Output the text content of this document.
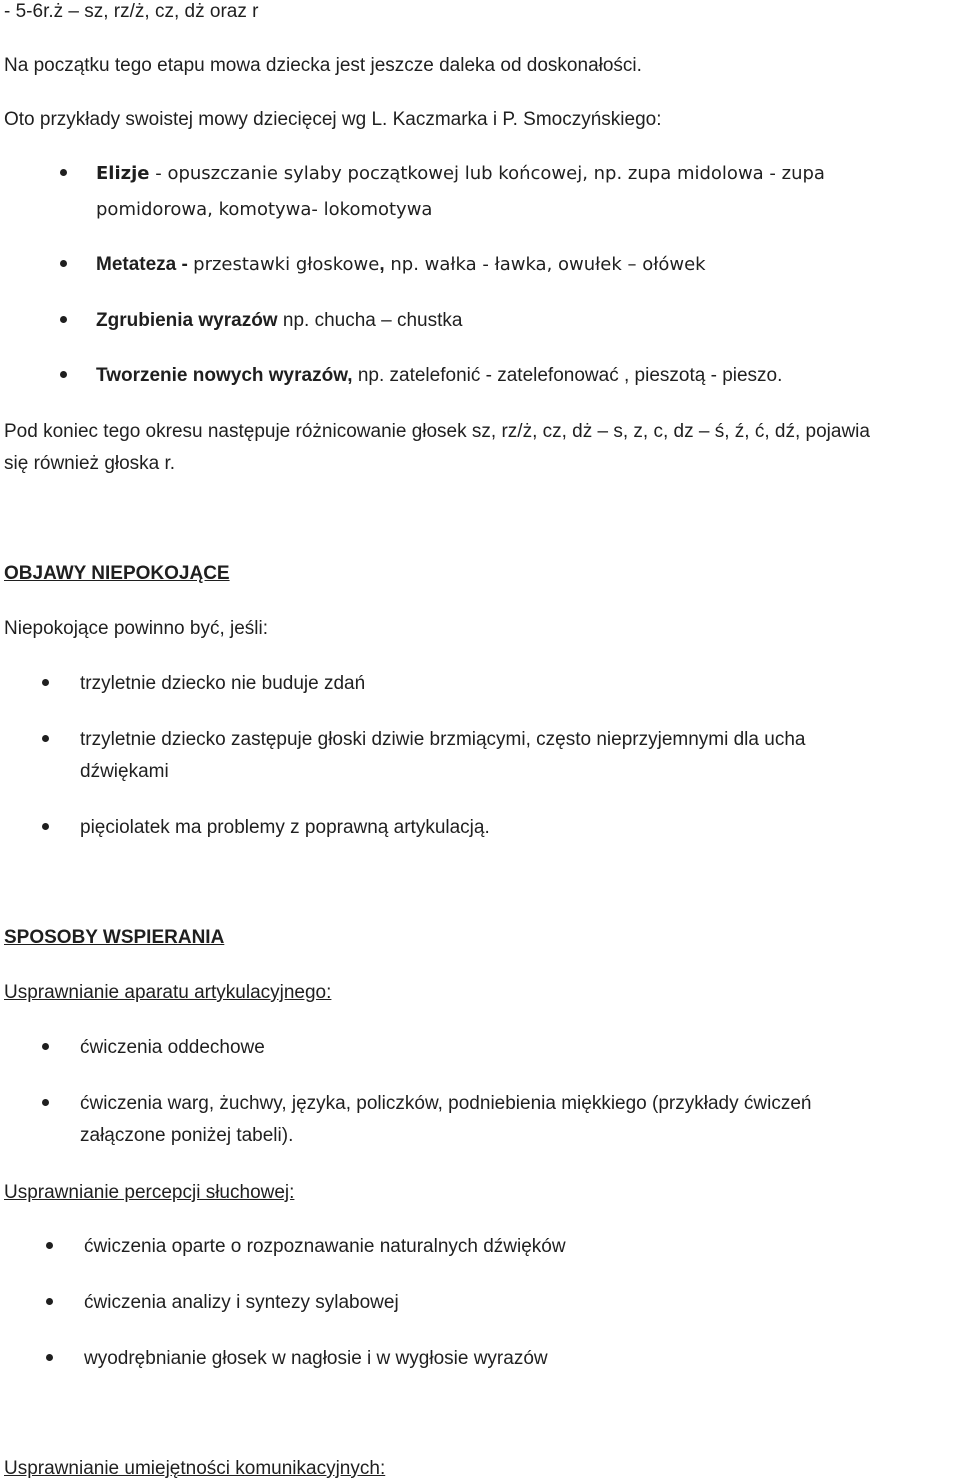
- 5-6r.ż – sz, rz/ż, cz, dż oraz r
Na początku tego etapu mowa dziecka jest jeszcze daleka od doskonałości.
Oto przykłady swoistej mowy dziecięcej wg L. Kaczmarka i P. Smoczyńskiego:
Elizje - opuszczanie sylaby początkowej lub końcowej, np. zupa midolowa - zupa
pomidorowa, komotywa- lokomotywa
Metateza - przestawki głoskowe, np. wałka - ławka, owułek – ołówek
Zgrubienia wyrazów np. chucha – chustka
Tworzenie nowych wyrazów, np. zatelefonić - zatelefonować , pieszotą - pieszo.
Pod koniec tego okresu następuje różnicowanie głosek sz, rz/ż, cz, dż – s, z, c, dz – ś, ź, ć, dź, pojawia
się również głoska r.
OBJAWY NIEPOKOJĄCE
Niepokojące powinno być, jeśli:
trzyletnie dziecko nie buduje zdań
trzyletnie dziecko zastępuje głoski dziwie brzmiącymi, często nieprzyjemnymi dla ucha
dźwiękami
pięciolatek ma problemy z poprawną artykulacją.
SPOSOBY WSPIERANIA
Usprawnianie aparatu artykulacyjnego:
ćwiczenia oddechowe
ćwiczenia warg, żuchwy, języka, policzków, podniebienia miękkiego (przykłady ćwiczeń
załączone poniżej tabeli).
Usprawnianie percepcji słuchowej:
ćwiczenia oparte o rozpoznawanie naturalnych dźwięków
ćwiczenia analizy i syntezy sylabowej
wyodrębnianie głosek w nagłosie i w wygłosie wyrazów
Usprawnianie umiejętności komunikacyjnych:
